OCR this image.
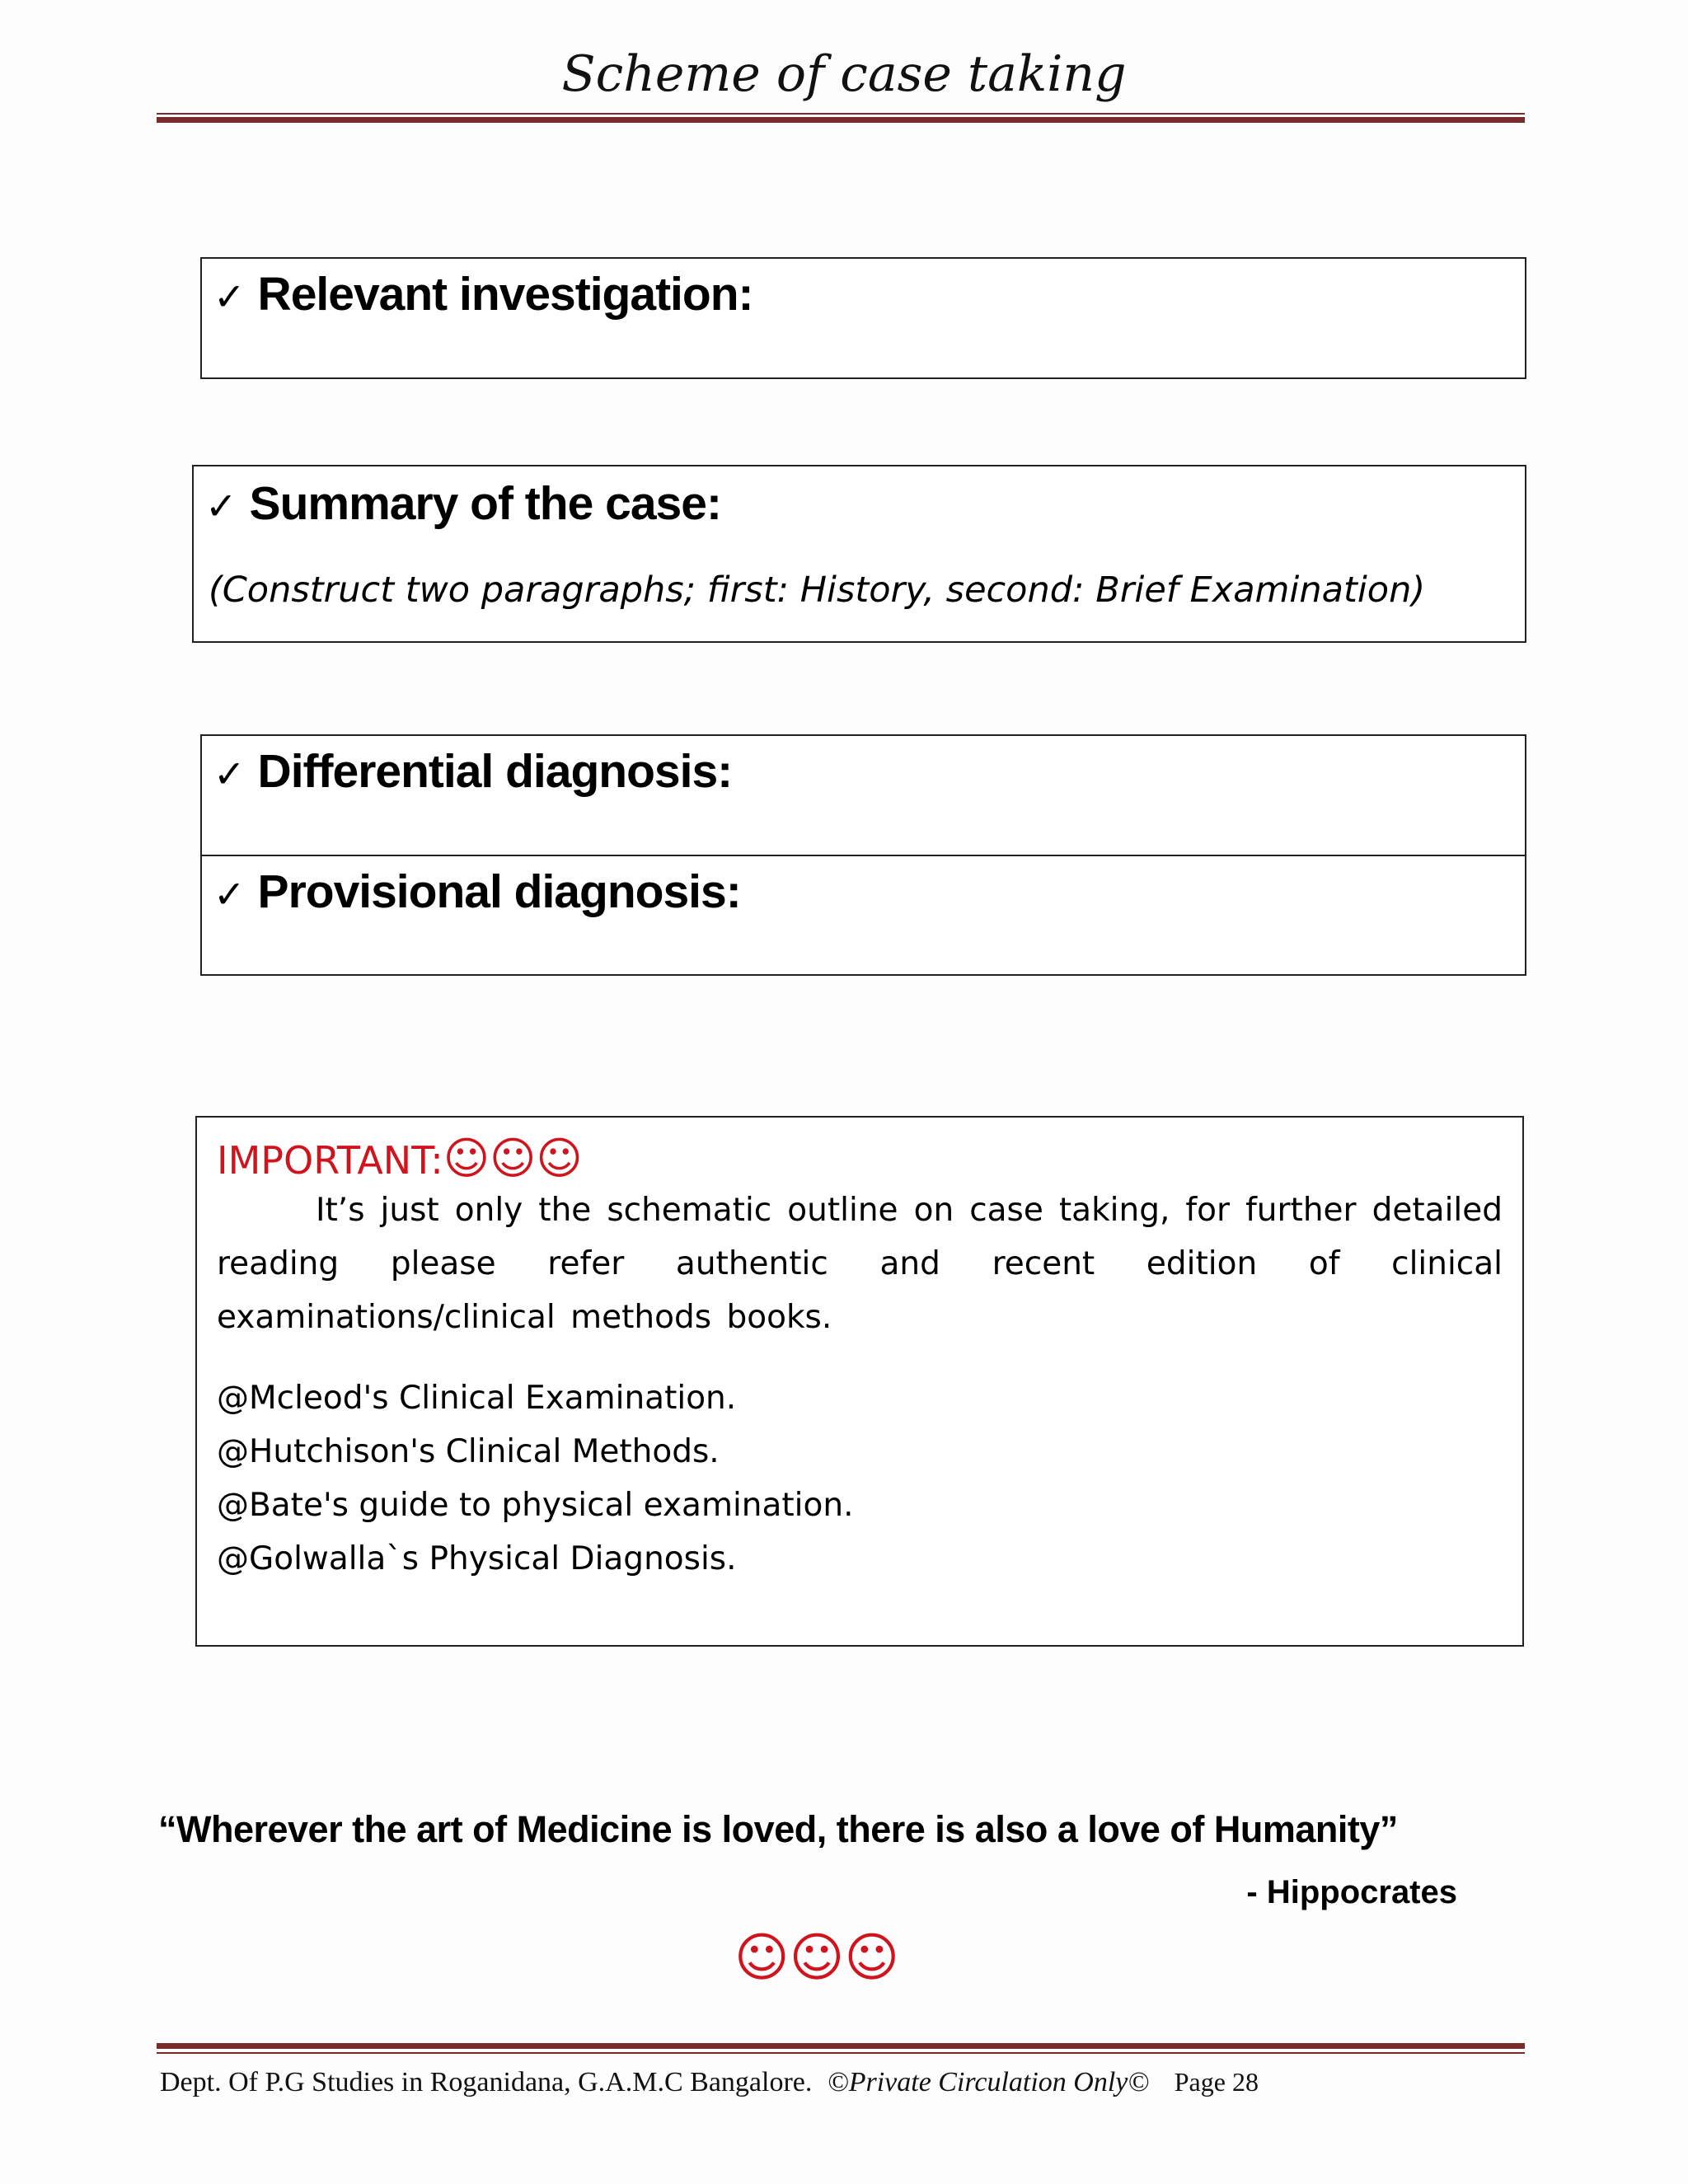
Scheme of case taking
✓ Relevant investigation:
✓ Summary of the case:
(Construct two paragraphs; first: History, second: Brief Examination)
✓ Differential diagnosis:
✓ Provisional diagnosis:
IMPORTANT:☺☺☺
It’s just only the schematic outline on case taking, for further detailed reading please refer authentic and recent edition of clinical examinations/clinical methods books.
@Mcleod's Clinical Examination.
@Hutchison's Clinical Methods.
@Bate's guide to physical examination.
@Golwalla`s Physical Diagnosis.
“Wherever the art of Medicine is loved, there is also a love of Humanity”
- Hippocrates
☺☺☺
Dept. Of P.G Studies in Roganidana, G.A.M.C Bangalore. ©Private Circulation Only© Page 28
